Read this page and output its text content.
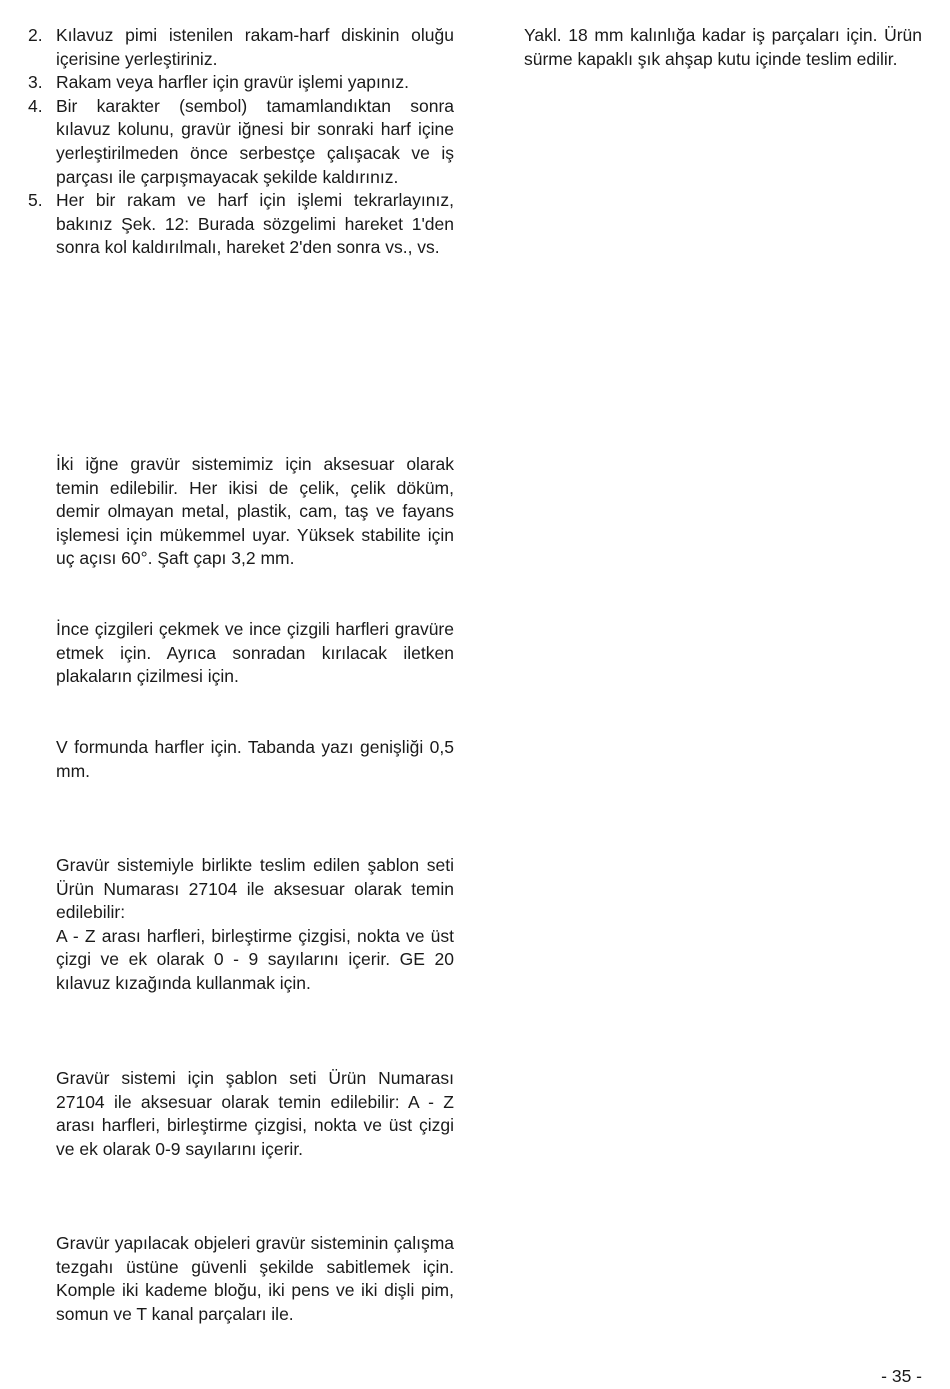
2. Kılavuz pimi istenilen rakam-harf diskinin oluğu içerisine yerleştiriniz.
3. Rakam veya harfler için gravür işlemi yapınız.
4. Bir karakter (sembol) tamamlandıktan sonra kılavuz kolunu, gravür iğnesi bir sonraki harf içine yerleştirilmeden önce serbestçe çalışacak ve iş parçası ile çarpışmayacak şekilde kaldırınız.
5. Her bir rakam ve harf için işlemi tekrarlayınız, bakınız Şek. 12: Burada sözgelimi hareket 1'den sonra kol kaldırılmalı, hareket 2'den sonra vs., vs.

İki iğne gravür sistemimiz için aksesuar olarak temin edilebilir. Her ikisi de çelik, çelik döküm, demir olmayan metal, plastik, cam, taş ve fayans işlemesi için mükemmel uyar. Yüksek stabilite için uç açısı 60°. Şaft çapı 3,2 mm.

İnce çizgileri çekmek ve ince çizgili harfleri gravüre etmek için. Ayrıca sonradan kırılacak iletken plakaların çizilmesi için.

V formunda harfler için. Tabanda yazı genişliği 0,5 mm.

Gravür sistemiyle birlikte teslim edilen şablon seti Ürün Numarası 27104 ile aksesuar olarak temin edilebilir:
A - Z arası harfleri, birleştirme çizgisi, nokta ve üst çizgi ve ek olarak 0 - 9 sayılarını içerir. GE 20 kılavuz kızağında kullanmak için.

Gravür sistemi için şablon seti Ürün Numarası 27104 ile aksesuar olarak temin edilebilir: A - Z arası harfleri, birleştirme çizgisi, nokta ve üst çizgi ve ek olarak 0-9 sayılarını içerir.

Gravür yapılacak objeleri gravür sisteminin çalışma tezgahı üstüne güvenli şekilde sabitlemek için. Komple iki kademe bloğu, iki pens ve iki dişli pim, somun ve T kanal parçaları ile.

Yakl. 18 mm kalınlığa kadar iş parçaları için. Ürün sürme kapaklı şık ahşap kutu içinde teslim edilir.

- 35 -
